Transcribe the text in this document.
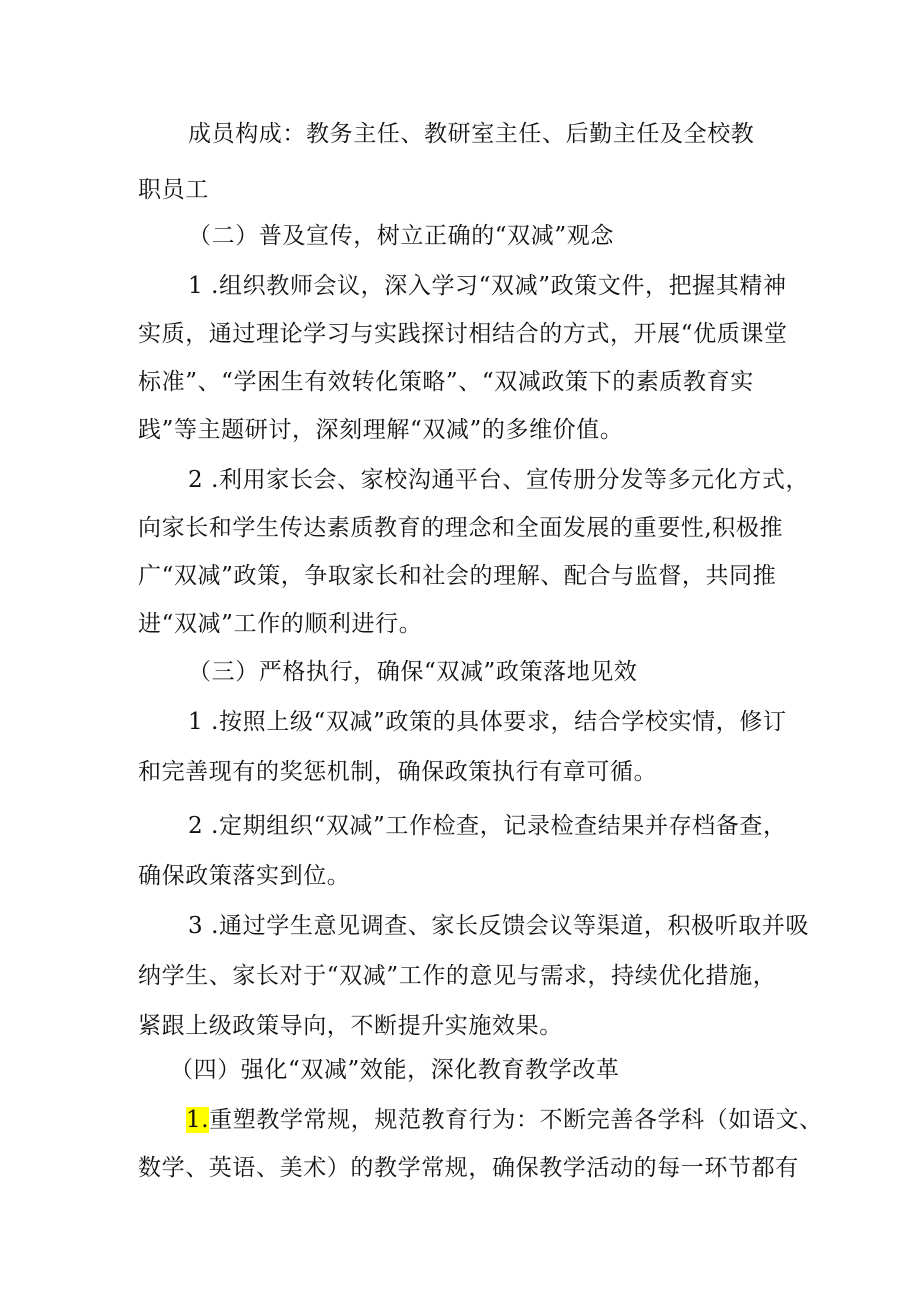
成员构成：教务主任、教研室主任、后勤主任及全校教
职员工
（二）普及宣传，树立正确的“双减”观念
1 .组织教师会议，深入学习“双减”政策文件，把握其精神
实质，通过理论学习与实践探讨相结合的方式，开展“优质课堂
标准”、“学困生有效转化策略”、“双减政策下的素质教育实
践”等主题研讨，深刻理解“双减”的多维价值。
2 .利用家长会、家校沟通平台、宣传册分发等多元化方式，
向家长和学生传达素质教育的理念和全面发展的重要性,积极推
广“双减”政策，争取家长和社会的理解、配合与监督，共同推
进“双减”工作的顺利进行。
（三）严格执行，确保“双减”政策落地见效
1 .按照上级“双减”政策的具体要求，结合学校实情，修订
和完善现有的奖惩机制，确保政策执行有章可循。
2 .定期组织“双减”工作检查，记录检查结果并存档备查，
确保政策落实到位。
3 .通过学生意见调查、家长反馈会议等渠道，积极听取并吸
纳学生、家长对于“双减”工作的意见与需求，持续优化措施，
紧跟上级政策导向，不断提升实施效果。
（四）强化“双减”效能，深化教育教学改革
1.重塑教学常规，规范教育行为：不断完善各学科（如语文、
数学、英语、美术）的教学常规，确保教学活动的每一环节都有
